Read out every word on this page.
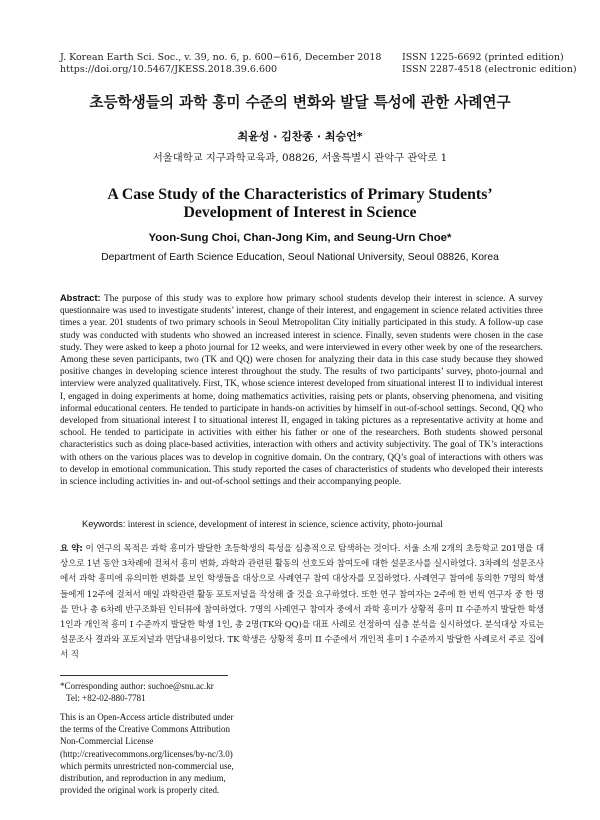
J. Korean Earth Sci. Soc., v. 39, no. 6, p. 600−616, December 2018
https://doi.org/10.5467/JKESS.2018.39.6.600
ISSN 1225-6692 (printed edition)
ISSN 2287-4518 (electronic edition)
초등학생들의 과학 흥미 수준의 변화와 발달 특성에 관한 사례연구
최윤성 · 김찬종 · 최승언*
서울대학교 지구과학교육과, 08826, 서울특별시 관악구 관악로 1
A Case Study of the Characteristics of Primary Students’
Development of Interest in Science
Yoon-Sung Choi, Chan-Jong Kim, and Seung-Urn Choe*
Department of Earth Science Education, Seoul National University, Seoul 08826, Korea
Abstract: The purpose of this study was to explore how primary school students develop their interest in science. A survey questionnaire was used to investigate students’ interest, change of their interest, and engagement in science related activities three times a year. 201 students of two primary schools in Seoul Metropolitan City initially participated in this study. A follow-up case study was conducted with students who showed an increased interest in science. Finally, seven students were chosen in the case study. They were asked to keep a photo journal for 12 weeks, and were interviewed in every other week by one of the researchers. Among these seven participants, two (TK and QQ) were chosen for analyzing their data in this case study because they showed positive changes in developing science interest throughout the study. The results of two participants’ survey, photo-journal and interview were analyzed qualitatively. First, TK, whose science interest developed from situational interest II to individual interest I, engaged in doing experiments at home, doing mathematics activities, raising pets or plants, observing phenomena, and visiting informal educational centers. He tended to participate in hands-on activities by himself in out-of-school settings. Second, QQ who developed from situational interest I to situational interest II, engaged in taking pictures as a representative activity at home and school. He tended to participate in activities with either his father or one of the researchers. Both students showed personal characteristics such as doing place-based activities, interaction with others and activity subjectivity. The goal of TK’s interactions with others on the various places was to develop in cognitive domain. On the contrary, QQ’s goal of interactions with others was to develop in emotional communication. This study reported the cases of characteristics of students who developed their interests in science including activities in- and out-of-school settings and their accompanying people.
Keywords: interest in science, development of interest in science, science activity, photo-journal
요 약: 이 연구의 목적은 과학 흥미가 발달한 초등학생의 특성을 심층적으로 탐색하는 것이다. 서울 소재 2개의 초등학교 201명을 대상으로 1년 동안 3차례에 걸쳐서 흥미 변화, 과학과 관련된 활동의 선호도와 참여도에 대한 설문조사를 실시하였다. 3차례의 설문조사에서 과학 흥미에 유의미한 변화를 보인 학생들을 대상으로 사례연구 참여 대상자를 모집하였다. 사례연구 참여에 동의한 7명의 학생들에게 12주에 걸쳐서 매일 과학관련 활동 포토저널을 작성해 줄 것을 요구하였다. 또한 연구 참여자는 2주에 한 번씩 연구자 중 한 명을 만나 총 6차례 반구조화된 인터뷰에 참여하였다. 7명의 사례연구 참여자 중에서 과학 흥미가 상황적 흥미 II 수준까지 발달한 학생 1인과 개인적 흥미 I 수준까지 발달한 학생 1인, 총 2명(TK와 QQ)을 대표 사례로 선정하여 심층 분석을 실시하였다. 분석대상 자료는 설문조사 결과와 포토저널과 면담내용이었다. TK 학생은 상황적 흥미 II 수준에서 개인적 흥미 I 수준까지 발달한 사례로서 주로 집에서 직
*Corresponding author: suchoe@snu.ac.kr
Tel: +82-02-880-7781
This is an Open-Access article distributed under the terms of the Creative Commons Attribution Non-Commercial License (http://creativecommons.org/licenses/by-nc/3.0) which permits unrestricted non-commercial use, distribution, and reproduction in any medium, provided the original work is properly cited.
